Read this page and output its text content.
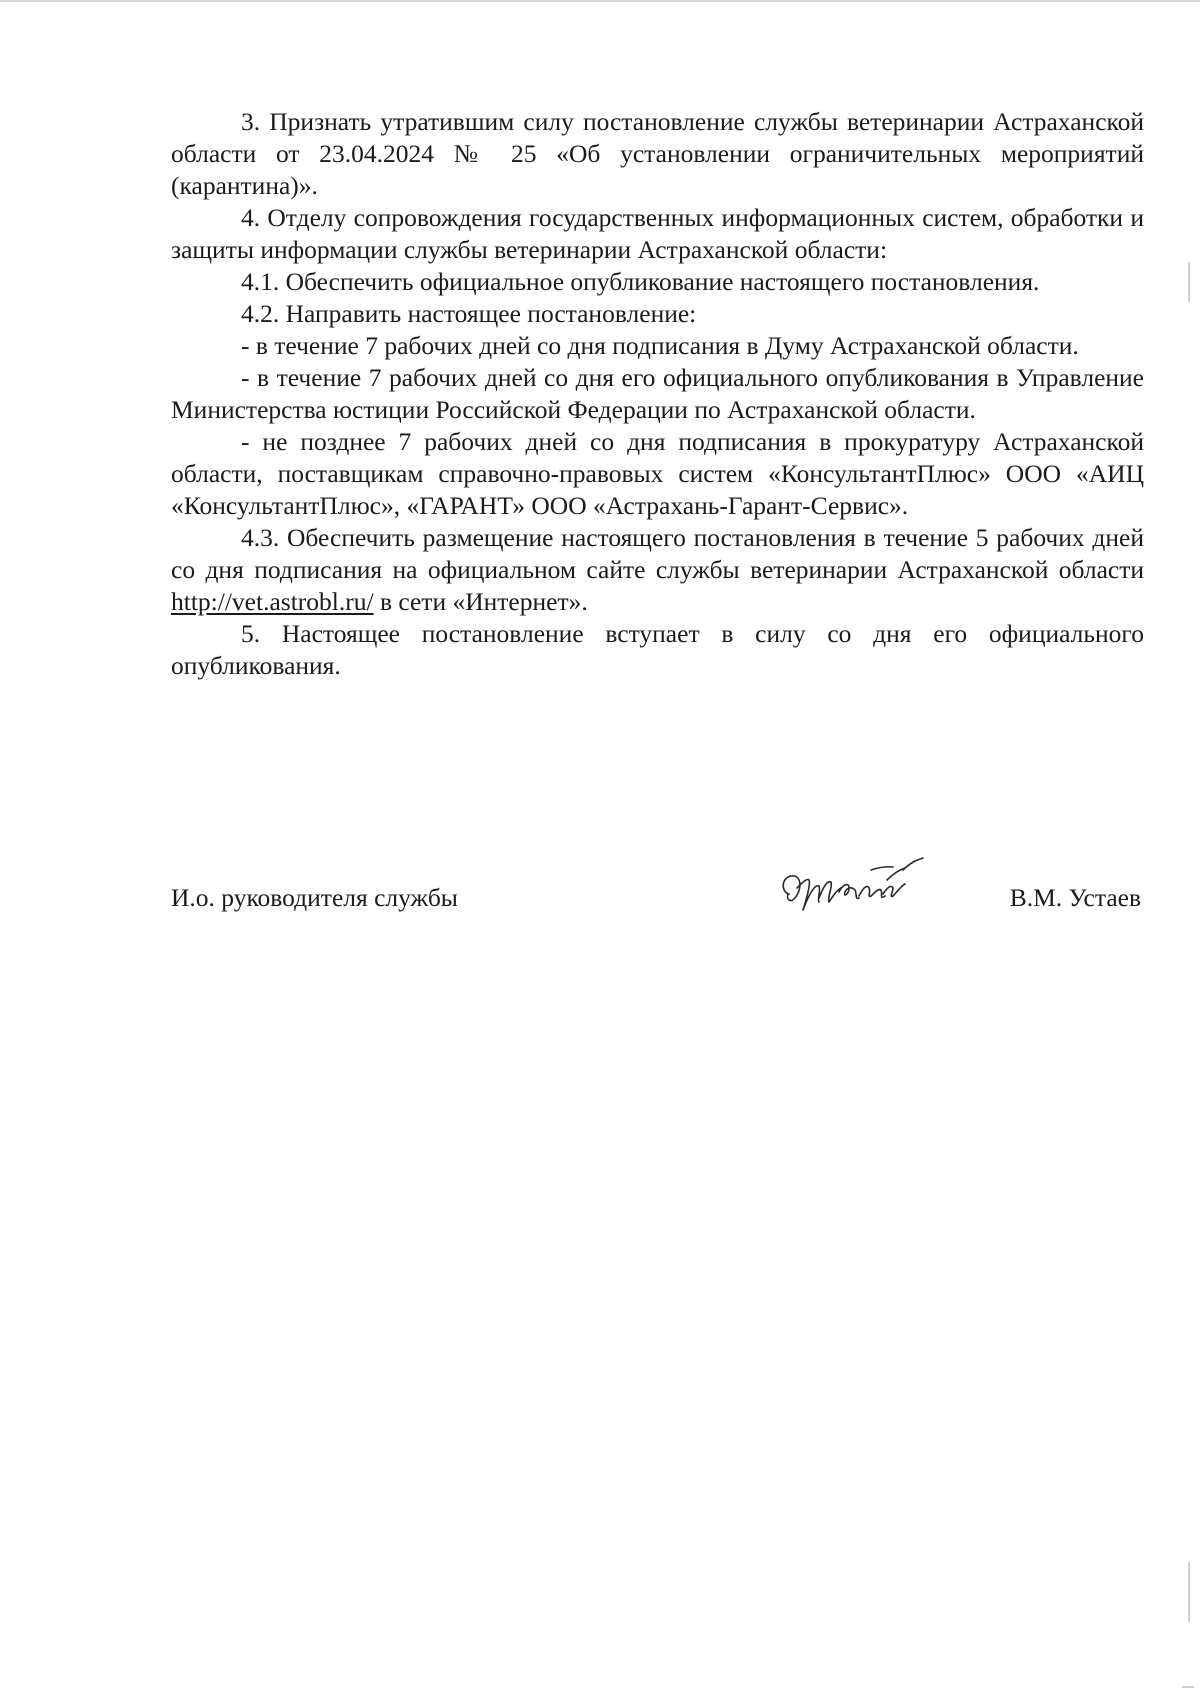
3. Признать утратившим силу постановление службы ветеринарии Астраханской области от 23.04.2024 № 25 «Об установлении ограничительных мероприятий (карантина)».

4. Отделу сопровождения государственных информационных систем, обработки и защиты информации службы ветеринарии Астраханской области:

4.1. Обеспечить официальное опубликование настоящего постановления.

4.2. Направить настоящее постановление:

- в течение 7 рабочих дней со дня подписания в Думу Астраханской области.

- в течение 7 рабочих дней со дня его официального опубликования в Управление Министерства юстиции Российской Федерации по Астраханской области.

- не позднее 7 рабочих дней со дня подписания в прокуратуру Астраханской области, поставщикам справочно-правовых систем «КонсультантПлюс» ООО «АИЦ «КонсультантПлюс», «ГАРАНТ» ООО «Астрахань-Гарант-Сервис».

4.3. Обеспечить размещение настоящего постановления в течение 5 рабочих дней со дня подписания на официальном сайте службы ветеринарии Астраханской области http://vet.astrobl.ru/ в сети «Интернет».

5. Настоящее постановление вступает в силу со дня его официального опубликования.

И.о. руководителя службы	В.М. Устаев
